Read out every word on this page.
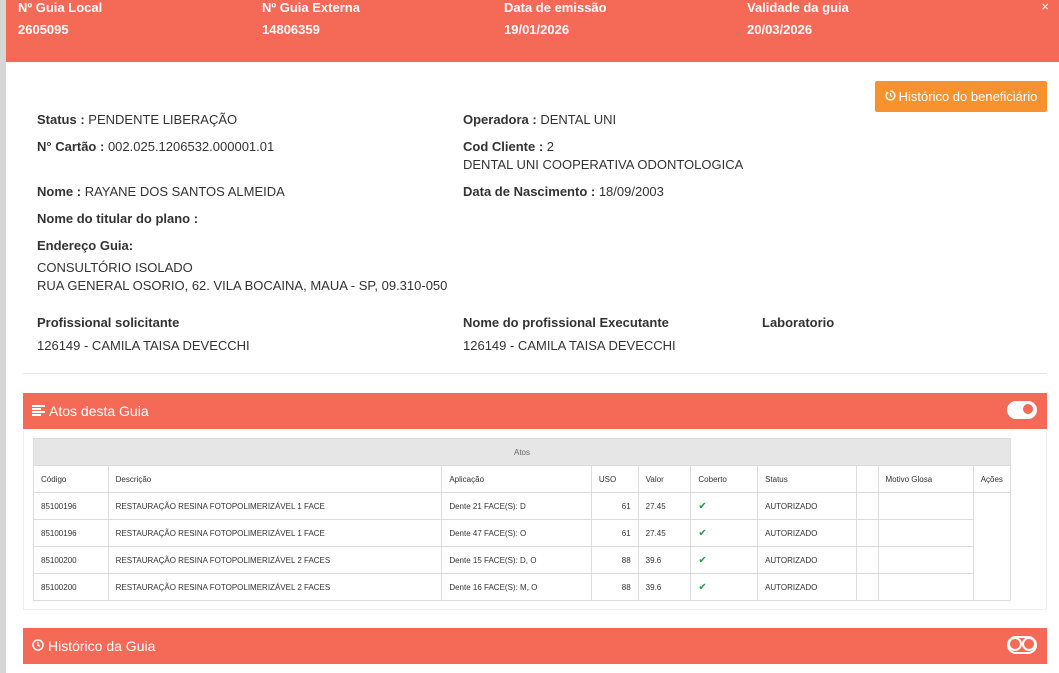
Nº Guia Local
2605095
Nº Guia Externa
14806359
Data de emissão
19/01/2026
Validade da guia
20/03/2026
×
Histórico do beneficiário
Status : PENDENTE LIBERAÇÃO	Operadora : DENTAL UNI
N° Cartão : 002.025.1206532.000001.01	Cod Cliente : 2
DENTAL UNI COOPERATIVA ODONTOLOGICA
Nome : RAYANE DOS SANTOS ALMEIDA	Data de Nascimento : 18/09/2003
Nome do titular do plano :
Endereço Guia:
CONSULTÓRIO ISOLADO
RUA GENERAL OSORIO, 62. VILA BOCAINA, MAUA - SP, 09.310-050
Profissional solicitante
126149 - CAMILA TAISA DEVECCHI
Nome do profissional Executante
126149 - CAMILA TAISA DEVECCHI
Laboratorio
Atos desta Guia
Atos									
Código	Descrição	Aplicação	USO	Valor	Coberto	Status		Motivo Glosa	Ações
85100196	RESTAURAÇÃO RESINA FOTOPOLIMERIZÁVEL 1 FACE	Dente 21 FACE(S): D	61	27.45	✔	AUTORIZADO			
85100196	RESTAURAÇÃO RESINA FOTOPOLIMERIZÁVEL 1 FACE	Dente 47 FACE(S): O	61	27.45	✔	AUTORIZADO			
85100200	RESTAURAÇÃO RESINA FOTOPOLIMERIZÁVEL 2 FACES	Dente 15 FACE(S): D, O	88	39.6	✔	AUTORIZADO			
85100200	RESTAURAÇÃO RESINA FOTOPOLIMERIZÁVEL 2 FACES	Dente 16 FACE(S): M, O	88	39.6	✔	AUTORIZADO			
Histórico da Guia
